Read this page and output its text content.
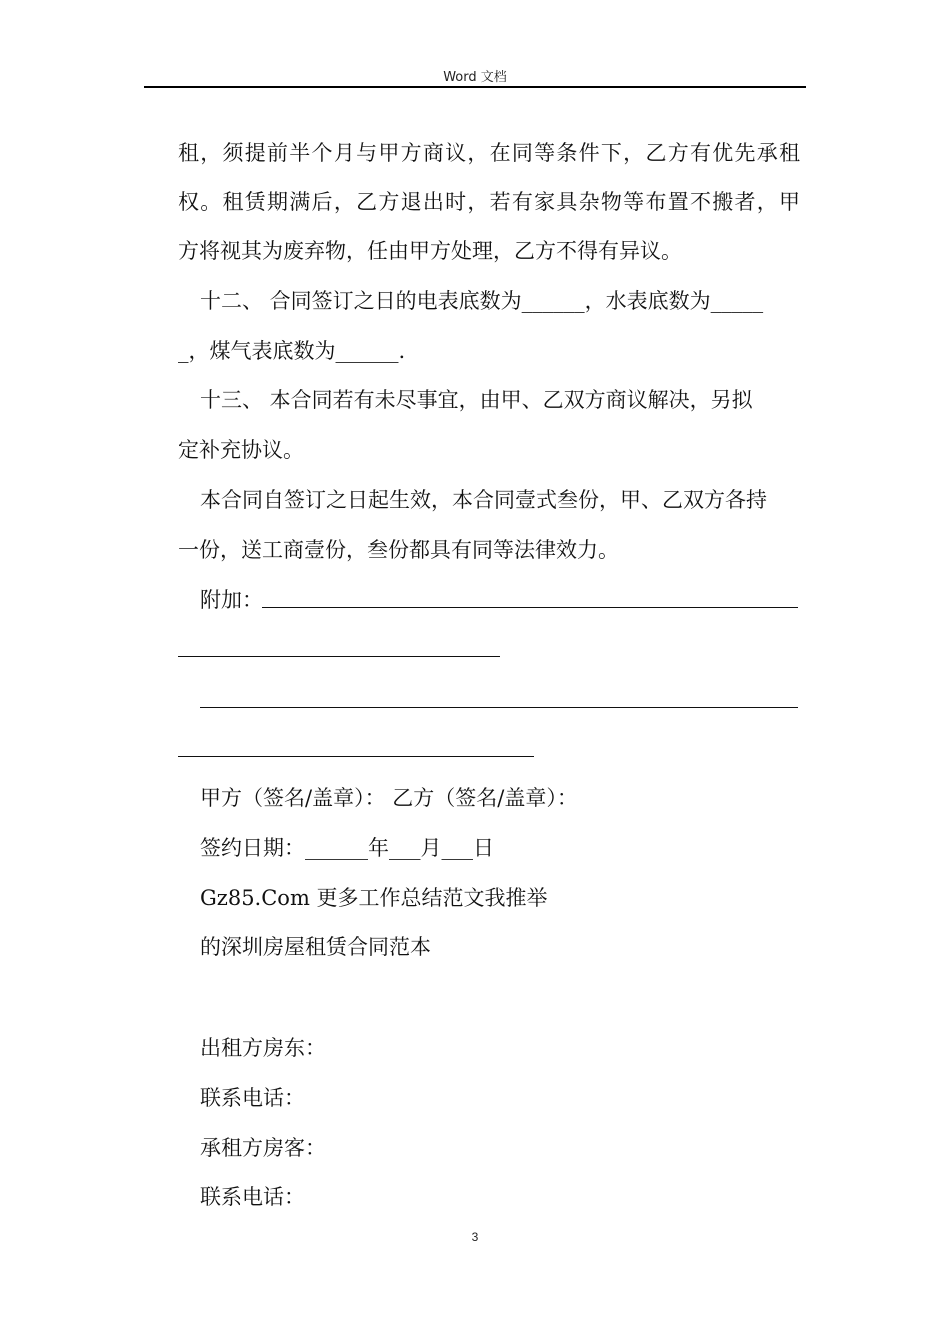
Word 文档
租，须提前半个月与甲方商议，在同等条件下，乙方有优先承租
权。租赁期满后，乙方退出时，若有家具杂物等布置不搬者，甲
方将视其为废弃物，任由甲方处理，乙方不得有异议。
十二、 合同签订之日的电表底数为______，水表底数为_____
_，煤气表底数为______.
十三、 本合同若有未尽事宜，由甲、乙双方商议解决，另拟
定补充协议。
本合同自签订之日起生效，本合同壹式叁份，甲、乙双方各持
一份，送工商壹份，叁份都具有同等法律效力。
附加：
甲方（签名/盖章）： 乙方（签名/盖章）：
签约日期：______年___月___日
Gz85.Com 更多工作总结范文我推举
的深圳房屋租赁合同范本
出租方房东：
联系电话：
承租方房客：
联系电话：
3
